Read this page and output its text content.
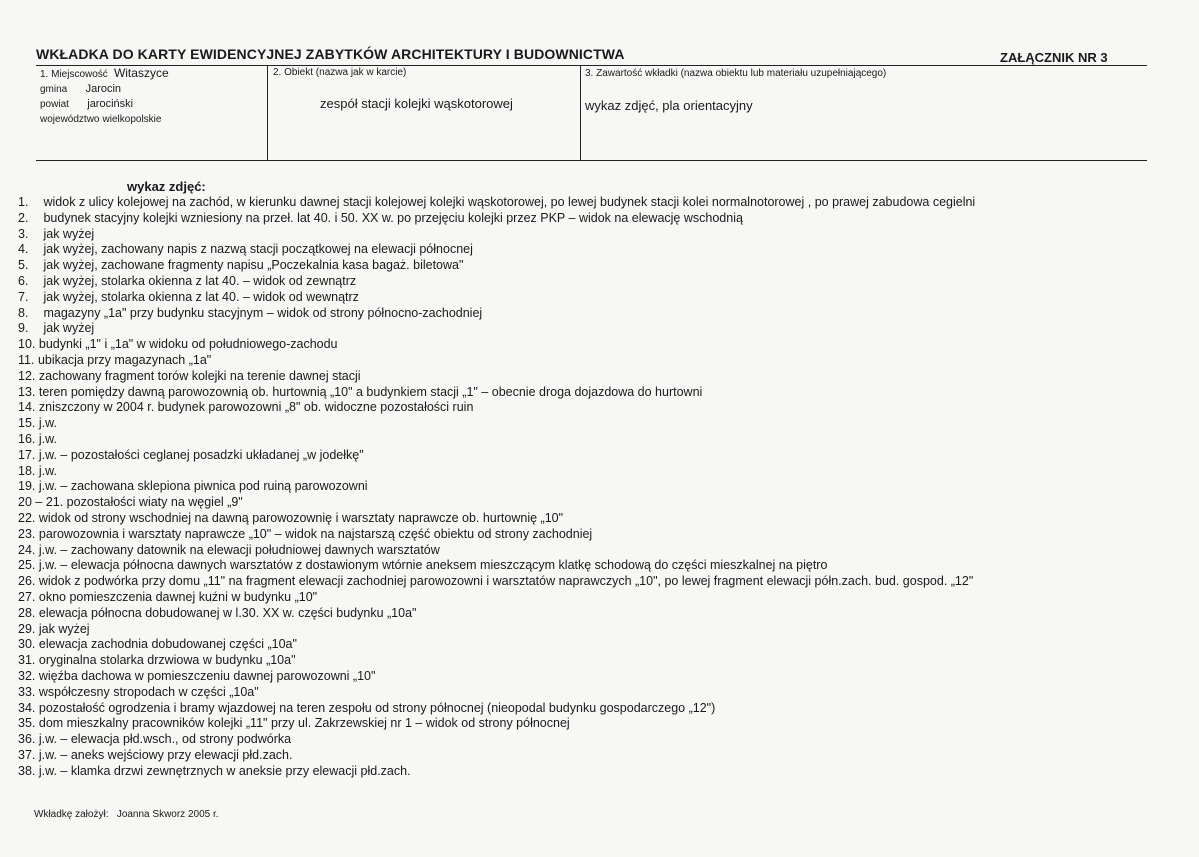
WKŁADKA DO KARTY EWIDENCYJNEJ ZABYTKÓW ARCHITEKTURY I BUDOWNICTWA	ZAŁĄCZNIK NR 3
1. Miejscowość Witaszyce
gmina Jarocin
powiat jarociński
województwo wielkopolskie
2. Obiekt (nazwa jak w karcie)
zespół stacji kolejki wąskotorowej
3. Zawartość wkładki (nazwa obiektu lub materiału uzupełniającego)
wykaz zdjęć, pla orientacyjny
wykaz zdjęć:
1. widok z ulicy kolejowej na zachód, w kierunku dawnej stacji kolejowej kolejki wąskotorowej, po lewej budynek stacji kolei normalnotorowej , po prawej zabudowa cegielni
2. budynek stacyjny kolejki wzniesiony na przeł. lat 40. i 50. XX w. po przejęciu kolejki przez PKP – widok na elewację wschodnią
3. jak wyżej
4. jak wyżej, zachowany napis z nazwą stacji początkowej na elewacji północnej
5. jak wyżej, zachowane fragmenty napisu „Poczekalnia kasa bagaż. biletowa"
6. jak wyżej, stolarka okienna z lat 40. – widok od zewnątrz
7. jak wyżej, stolarka okienna z lat 40. – widok od wewnątrz
8. magazyny „1a" przy budynku stacyjnym – widok od strony północno-zachodniej
9. jak wyżej
10. budynki „1" i „1a" w widoku od południowego-zachodu
11. ubikacja przy magazynach „1a"
12. zachowany fragment torów kolejki na terenie dawnej stacji
13. teren pomiędzy dawną parowozownią ob. hurtownią „10" a budynkiem stacji „1" – obecnie droga dojazdowa do hurtowni
14. zniszczony w 2004 r. budynek parowozowni „8" ob. widoczne pozostałości ruin
15. j.w.
16. j.w.
17. j.w. – pozostałości ceglanej posadzki układanej „w jodełkę"
18. j.w.
19. j.w. – zachowana sklepiona piwnica pod ruiną parowozowni
20 – 21. pozostałości wiaty na węgiel „9"
22. widok od strony wschodniej na dawną parowozownię i warsztaty naprawcze ob. hurtownię „10"
23. parowozownia i warsztaty naprawcze „10" – widok na najstarszą część obiektu od strony zachodniej
24. j.w. – zachowany datownik na elewacji południowej dawnych warsztatów
25. j.w. – elewacja północna dawnych warsztatów z dostawionym wtórnie aneksem mieszczącym klatkę schodową do części mieszkalnej na piętro
26. widok z podwórka przy domu „11" na fragment elewacji zachodniej parowozowni i warsztatów naprawczych „10", po lewej fragment elewacji półn.zach. bud. gospod. „12"
27. okno pomieszczenia dawnej kuźni w budynku „10"
28. elewacja północna dobudowanej w l.30. XX w. części budynku „10a"
29. jak wyżej
30. elewacja zachodnia dobudowanej części „10a"
31. oryginalna stolarka drzwiowa w budynku „10a"
32. więźba dachowa w pomieszczeniu dawnej parowozowni „10"
33. współczesny stropodach w części „10a"
34. pozostałość ogrodzenia i bramy wjazdowej na teren zespołu od strony północnej (nieopodal budynku gospodarczego „12")
35. dom mieszkalny pracowników kolejki „11" przy ul. Zakrzewskiej nr 1 – widok od strony północnej
36. j.w. – elewacja płd.wsch., od strony podwórka
37. j.w. – aneks wejściowy przy elewacji płd.zach.
38. j.w. – klamka drzwi zewnętrznych w aneksie przy elewacji płd.zach.
Wkładkę założył: Joanna Skworz 2005 r.
